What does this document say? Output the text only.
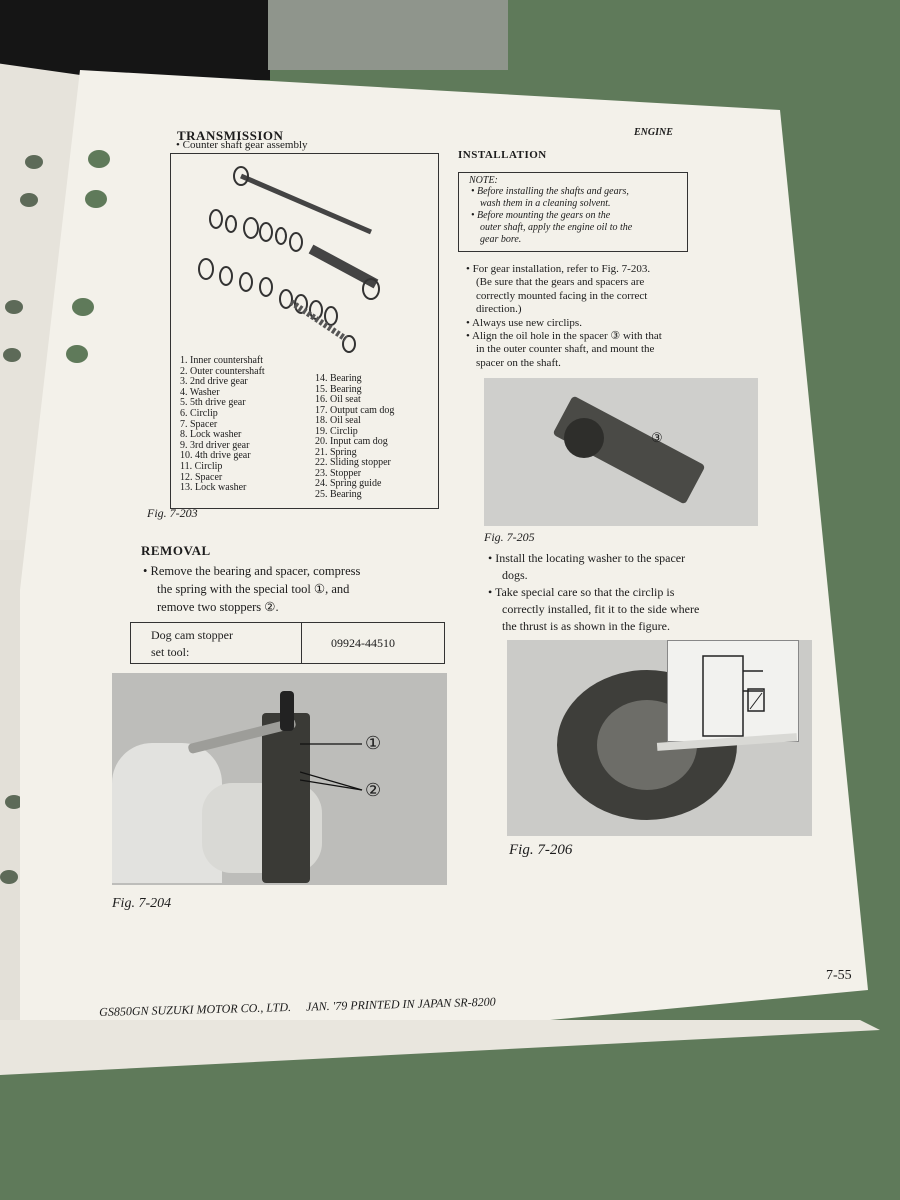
TRANSMISSION	ENGINE
• Counter shaft gear assembly
1. Inner countershaft
2. Outer countershaft
3. 2nd drive gear
4. Washer
5. 5th drive gear
6. Circlip
7. Spacer
8. Lock washer
9. 3rd driver gear
10. 4th drive gear
11. Circlip
12. Spacer
13. Lock washer
14. Bearing
15. Bearing
16. Oil seat
17. Output cam dog
18. Oil seal
19. Circlip
20. Input cam dog
21. Spring
22. Sliding stopper
23. Stopper
24. Spring guide
25. Bearing
Fig. 7-203
REMOVAL
• Remove the bearing and spacer, compress
the spring with the special tool ①, and
remove two stoppers ②.
Dog cam stopper
set tool:
09924-44510
①
②
Fig. 7-204
INSTALLATION
NOTE:
• Before installing the shafts and gears,
wash them in a cleaning solvent.
• Before mounting the gears on the
outer shaft, apply the engine oil to the
gear bore.
• For gear installation, refer to Fig. 7-203.
(Be sure that the gears and spacers are
correctly mounted facing in the correct
direction.)
• Always use new circlips.
• Align the oil hole in the spacer ③ with that
in the outer counter shaft, and mount the
spacer on the shaft.
③
Fig. 7-205
• Install the locating washer to the spacer
dogs.
• Take special care so that the circlip is
correctly installed, fit it to the side where
the thrust is as shown in the figure.
Fig. 7-206
7-55
GS850GN SUZUKI MOTOR CO., LTD.     JAN. '79 PRINTED IN JAPAN SR-8200
